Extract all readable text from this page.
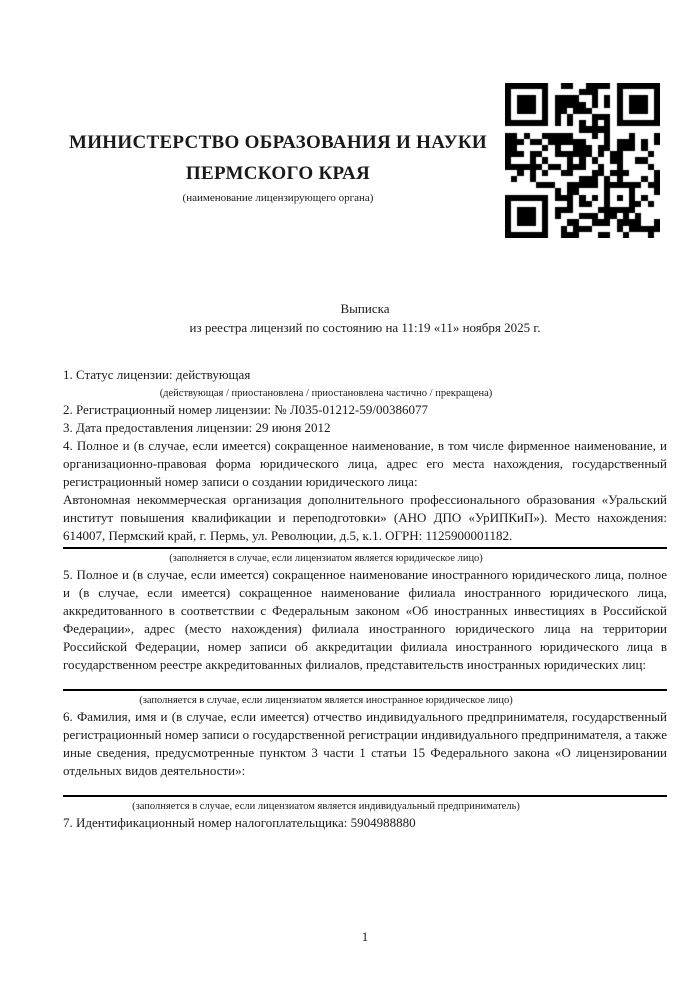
МИНИСТЕРСТВО ОБРАЗОВАНИЯ И НАУКИ
ПЕРМСКОГО КРАЯ
(наименование лицензирующего органа)
Выписка
из реестра лицензий по состоянию на 11:19 «11» ноября 2025 г.

1. Статус лицензии: действующая

(действующая / приостановлена / приостановлена частично / прекращена)

2. Регистрационный номер лицензии: № Л035-01212-59/00386077

3. Дата предоставления лицензии: 29 июня 2012

4. Полное и (в случае, если имеется) сокращенное наименование, в том числе фирменное наименование, и организационно-правовая форма юридического лица, адрес его места нахождения, государственный регистрационный номер записи о создании юридического лица:
Автономная некоммерческая организация дополнительного профессионального образования «Уральский институт повышения квалификации и переподготовки» (АНО ДПО «УрИПКиП»). Место нахождения: 614007, Пермский край, г. Пермь, ул. Революции, д.5, к.1. ОГРН: 1125900001182.

(заполняется в случае, если лицензиатом является юридическое лицо)

5. Полное и (в случае, если имеется) сокращенное наименование иностранного юридического лица, полное и (в случае, если имеется) сокращенное наименование филиала иностранного юридического лица, аккредитованного в соответствии с Федеральным законом «Об иностранных инвестициях в Российской Федерации», адрес (место нахождения) филиала иностранного юридического лица на территории Российской Федерации, номер записи об аккредитации филиала иностранного юридического лица в государственном реестре аккредитованных филиалов, представительств иностранных юридических лиц:

(заполняется в случае, если лицензиатом является иностранное юридическое лицо)

6. Фамилия, имя и (в случае, если имеется) отчество индивидуального предпринимателя, государственный регистрационный номер записи о государственной регистрации индивидуального предпринимателя, а также иные сведения, предусмотренные пунктом 3 части 1 статьи 15 Федерального закона «О лицензировании отдельных видов деятельности»:

(заполняется в случае, если лицензиатом является индивидуальный предприниматель)

7. Идентификационный номер налогоплательщика: 5904988880

1
